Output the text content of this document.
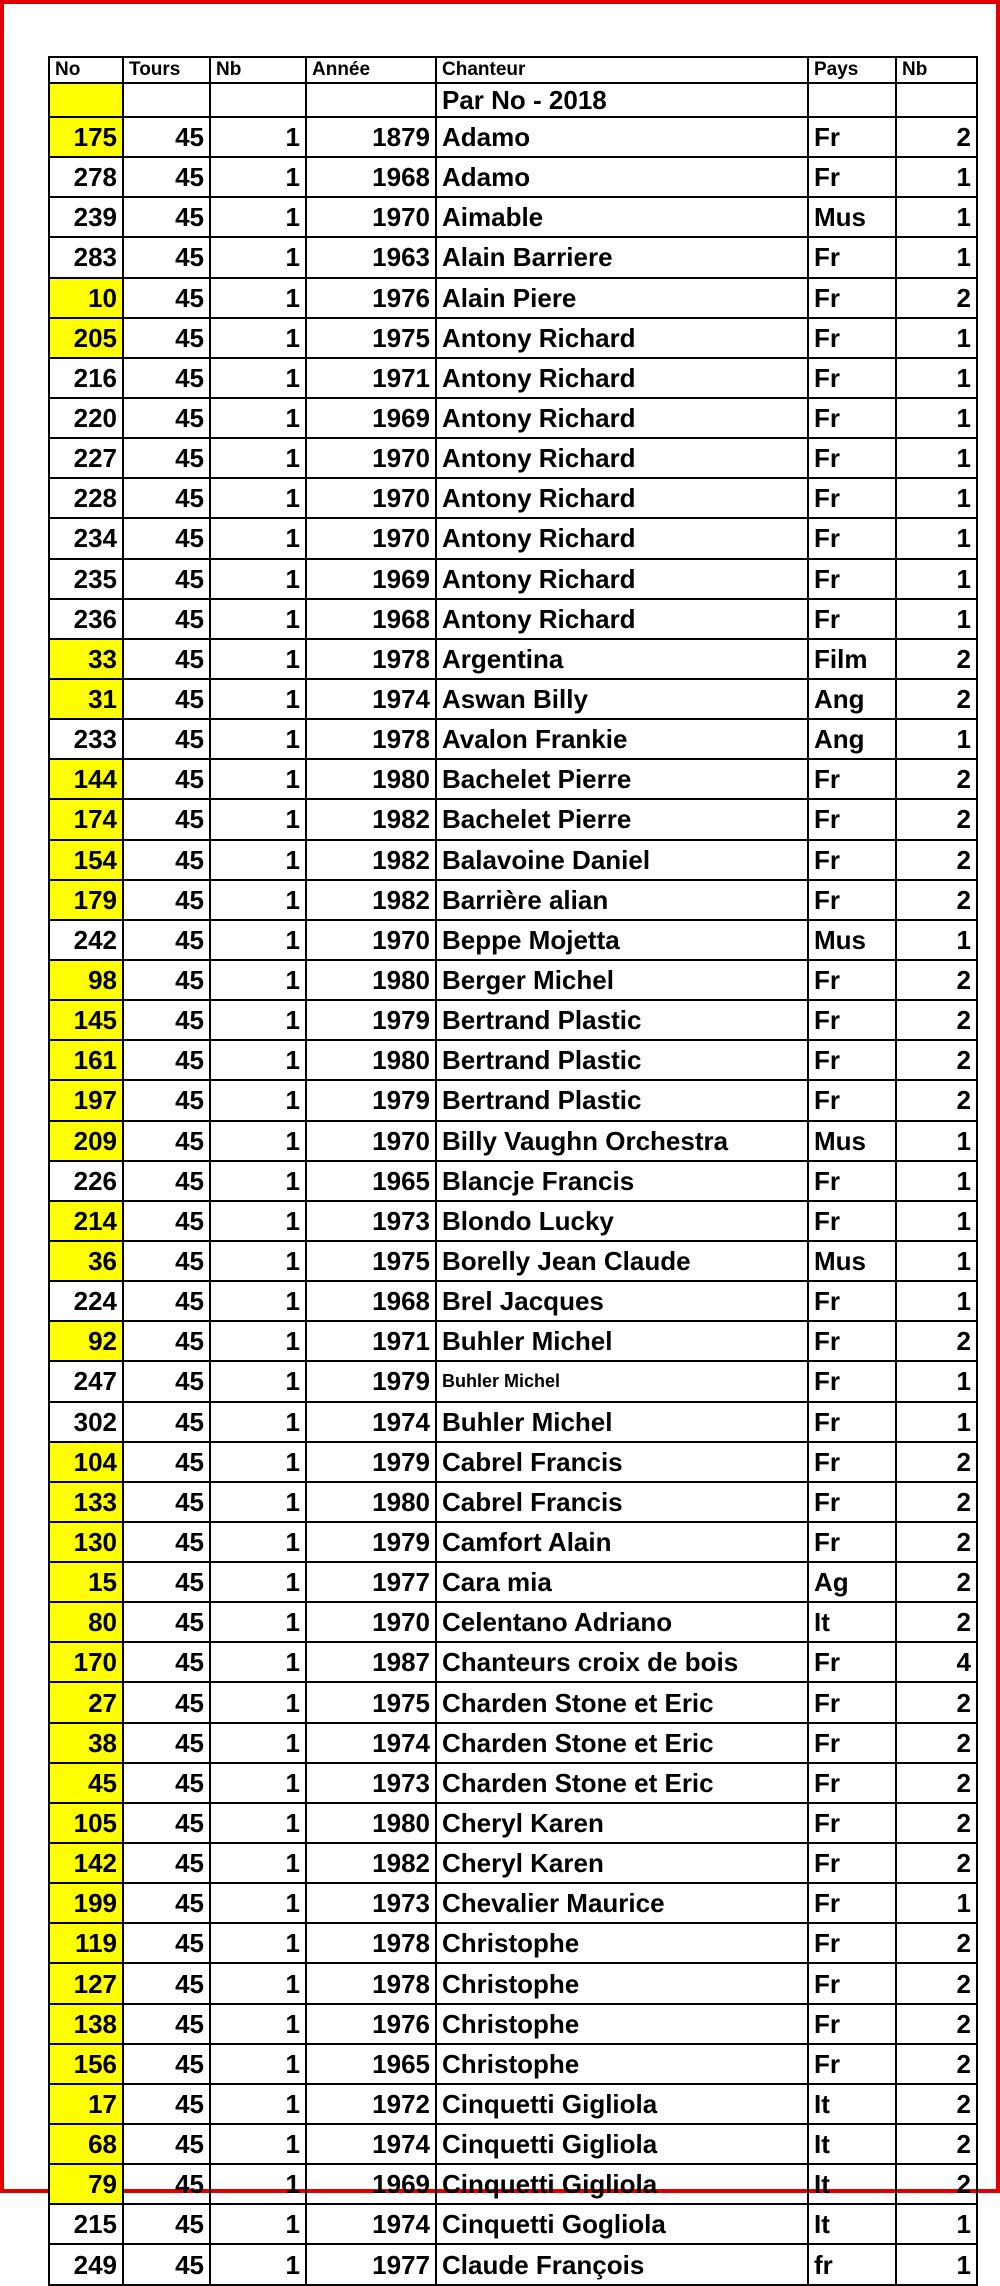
No	Tours	Nb	Année	Chanteur	Pays	Nb
				Par No - 2018		
175	45	1	1879	Adamo	Fr	2
278	45	1	1968	Adamo	Fr	1
239	45	1	1970	Aimable	Mus	1
283	45	1	1963	Alain Barriere	Fr	1
10	45	1	1976	Alain Piere	Fr	2
205	45	1	1975	Antony Richard	Fr	1
216	45	1	1971	Antony Richard	Fr	1
220	45	1	1969	Antony Richard	Fr	1
227	45	1	1970	Antony Richard	Fr	1
228	45	1	1970	Antony Richard	Fr	1
234	45	1	1970	Antony Richard	Fr	1
235	45	1	1969	Antony Richard	Fr	1
236	45	1	1968	Antony Richard	Fr	1
33	45	1	1978	Argentina	Film	2
31	45	1	1974	Aswan Billy	Ang	2
233	45	1	1978	Avalon Frankie	Ang	1
144	45	1	1980	Bachelet Pierre	Fr	2
174	45	1	1982	Bachelet Pierre	Fr	2
154	45	1	1982	Balavoine Daniel	Fr	2
179	45	1	1982	Barrière alian	Fr	2
242	45	1	1970	Beppe Mojetta	Mus	1
98	45	1	1980	Berger Michel	Fr	2
145	45	1	1979	Bertrand Plastic	Fr	2
161	45	1	1980	Bertrand Plastic	Fr	2
197	45	1	1979	Bertrand Plastic	Fr	2
209	45	1	1970	Billy Vaughn Orchestra	Mus	1
226	45	1	1965	Blancje Francis	Fr	1
214	45	1	1973	Blondo Lucky	Fr	1
36	45	1	1975	Borelly Jean Claude	Mus	1
224	45	1	1968	Brel Jacques	Fr	1
92	45	1	1971	Buhler Michel	Fr	2
247	45	1	1979	Buhler Michel	Fr	1
302	45	1	1974	Buhler Michel	Fr	1
104	45	1	1979	Cabrel Francis	Fr	2
133	45	1	1980	Cabrel Francis	Fr	2
130	45	1	1979	Camfort Alain	Fr	2
15	45	1	1977	Cara mia	Ag	2
80	45	1	1970	Celentano Adriano	It	2
170	45	1	1987	Chanteurs croix de bois	Fr	4
27	45	1	1975	Charden Stone et Eric	Fr	2
38	45	1	1974	Charden Stone et Eric	Fr	2
45	45	1	1973	Charden Stone et Eric	Fr	2
105	45	1	1980	Cheryl Karen	Fr	2
142	45	1	1982	Cheryl Karen	Fr	2
199	45	1	1973	Chevalier Maurice	Fr	1
119	45	1	1978	Christophe	Fr	2
127	45	1	1978	Christophe	Fr	2
138	45	1	1976	Christophe	Fr	2
156	45	1	1965	Christophe	Fr	2
17	45	1	1972	Cinquetti Gigliola	It	2
68	45	1	1974	Cinquetti Gigliola	It	2
79	45	1	1969	Cinquetti Gigliola	It	2
215	45	1	1974	Cinquetti Gogliola	It	1
249	45	1	1977	Claude François	fr	1
